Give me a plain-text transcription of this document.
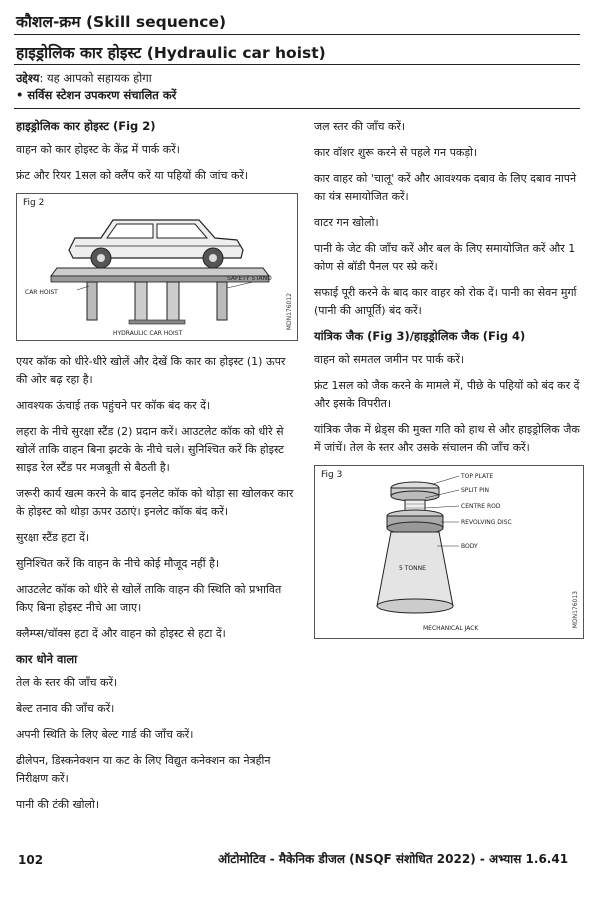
कौशल-क्रम (Skill sequence)
हाइड्रोलिक कार होइस्ट (Hydraulic car hoist)
उद्देश्य: यह आपको सहायक होगा
• सर्विस स्टेशन उपकरण संचालित करें
हाइड्रोलिक कार होइस्ट (Fig 2)

वाहन को कार होइस्ट के केंद्र में पार्क करें।

फ्रंट और रियर 1सल को क्लैंप करें या पहियों की जांच करें।

Fig 2
SAFETY STAND
CAR HOIST
HYDRAULIC CAR HOIST
MDN176012

एयर कॉक को धीरे-धीरे खोलें और देखें कि कार का होइस्ट (1) ऊपर की ओर बढ़ रहा है।

आवश्यक ऊंचाई तक पहुंचने पर कॉक बंद कर दें।

लहरा के नीचे सुरक्षा स्टैंड (2) प्रदान करें। आउटलेट कॉक को धीरे से खोलें ताकि वाहन बिना झटके के नीचे चले। सुनिश्चित करें कि होइस्ट साइड रेल स्टैंड पर मजबूती से बैठती है।

जरूरी कार्य खत्म करने के बाद इनलेट कॉक को थोड़ा सा खोलकर कार के होइस्ट को थोड़ा ऊपर उठाएं। इनलेट कॉक बंद करें।

सुरक्षा स्टैंड हटा दें।

सुनिश्चित करें कि वाहन के नीचे कोई मौजूद नहीं है।

आउटलेट कॉक को धीरे से खोलें ताकि वाहन की स्थिति को प्रभावित किए बिना होइस्ट नीचे आ जाए।

क्लैम्प्स/चॉक्स हटा दें और वाहन को होइस्ट से हटा दें।

कार धोने वाला

तेल के स्तर की जाँच करें।

बेल्ट तनाव की जाँच करें।

अपनी स्थिति के लिए बेल्ट गार्ड की जाँच करें।

ढीलेपन, डिस्कनेक्शन या कट के लिए विद्युत कनेक्शन का नेत्रहीन निरीक्षण करें।

पानी की टंकी खोलो।

जल स्तर की जाँच करें।

कार वॉशर शुरू करने से पहले गन पकड़ो।

कार वाहर को 'चालू' करें और आवश्यक दबाव के लिए दबाव नापने का यंत्र समायोजित करें।

वाटर गन खोलो।

पानी के जेट की जाँच करें और बल के लिए समायोजित करें और 1 कोण से बॉडी पैनल पर स्प्रे करें।

सफाई पूरी करने के बाद कार वाहर को रोक दें। पानी का सेवन मुर्गा (पानी की आपूर्ति) बंद करें।

यांत्रिक जैक (Fig 3)/हाइड्रोलिक जैक (Fig 4)

वाहन को समतल जमीन पर पार्क करें।

फ्रंट 1सल को जैक करने के मामले में, पीछे के पहियों को बंद कर दें और इसके विपरीत।

यांत्रिक जैक में थ्रेड्स की मुक्त गति को हाथ से और हाइड्रोलिक जैक में जांचें। तेल के स्तर और उसके संचालन की जाँच करें।

Fig 3	TOP PLATE
SPLIT PIN
CENTRE ROD
REVOLVING DISC
BODY
5 TONNE
MECHANICAL JACK
MDN176013
102	ऑटोमोटिव - मैकेनिक डीजल (NSQF संशोधित 2022) - अभ्यास 1.6.41
